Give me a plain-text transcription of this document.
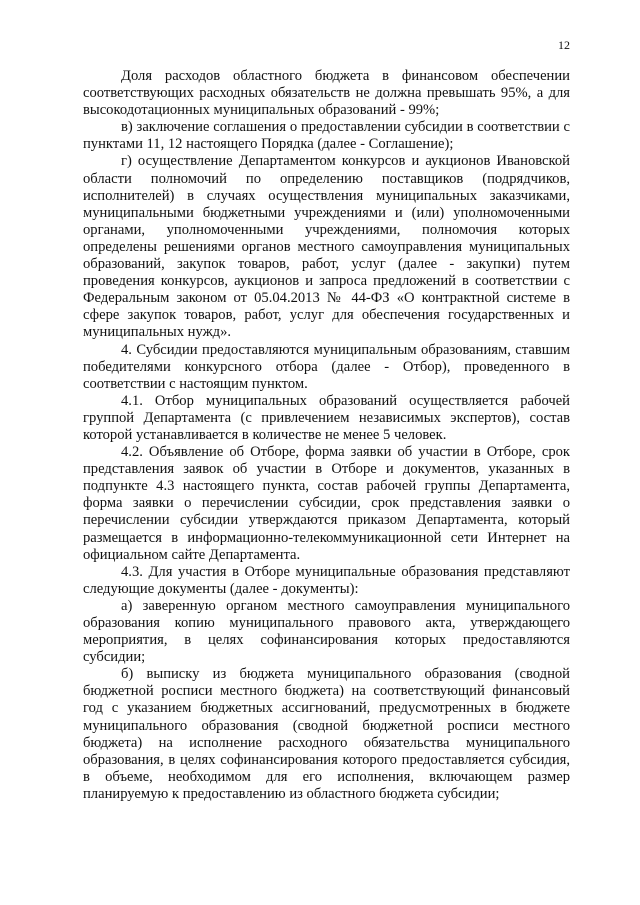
12

Доля расходов областного бюджета в финансовом обеспечении соответствующих расходных обязательств не должна превышать 95%, а для высокодотационных муниципальных образований - 99%;

в) заключение соглашения о предоставлении субсидии в соответствии с пунктами 11, 12 настоящего Порядка (далее - Соглашение);

г) осуществление Департаментом конкурсов и аукционов Ивановской области полномочий по определению поставщиков (подрядчиков, исполнителей) в случаях осуществления муниципальных заказчиками, муниципальными бюджетными учреждениями и (или) уполномоченными органами, уполномоченными учреждениями, полномочия которых определены решениями органов местного самоуправления муниципальных образований, закупок товаров, работ, услуг (далее - закупки) путем проведения конкурсов, аукционов и запроса предложений в соответствии с Федеральным законом от 05.04.2013 № 44-ФЗ «О контрактной системе в сфере закупок товаров, работ, услуг для обеспечения государственных и муниципальных нужд».

4. Субсидии предоставляются муниципальным образованиям, ставшим победителями конкурсного отбора (далее - Отбор), проведенного в соответствии с настоящим пунктом.

4.1. Отбор муниципальных образований осуществляется рабочей группой Департамента (с привлечением независимых экспертов), состав которой устанавливается в количестве не менее 5 человек.

4.2. Объявление об Отборе, форма заявки об участии в Отборе, срок представления заявок об участии в Отборе и документов, указанных в подпункте 4.3 настоящего пункта, состав рабочей группы Департамента, форма заявки о перечислении субсидии, срок представления заявки о перечислении субсидии утверждаются приказом Департамента, который размещается в информационно-телекоммуникационной сети Интернет на официальном сайте Департамента.

4.3. Для участия в Отборе муниципальные образования представляют следующие документы (далее - документы):

а) заверенную органом местного самоуправления муниципального образования копию муниципального правового акта, утверждающего мероприятия, в целях софинансирования которых предоставляются субсидии;

б) выписку из бюджета муниципального образования (сводной бюджетной росписи местного бюджета) на соответствующий финансовый год с указанием бюджетных ассигнований, предусмотренных в бюджете муниципального образования (сводной бюджетной росписи местного бюджета) на исполнение расходного обязательства муниципального образования, в целях софинансирования которого предоставляется субсидия, в объеме, необходимом для его исполнения, включающем размер планируемую к предоставлению из областного бюджета субсидии;
